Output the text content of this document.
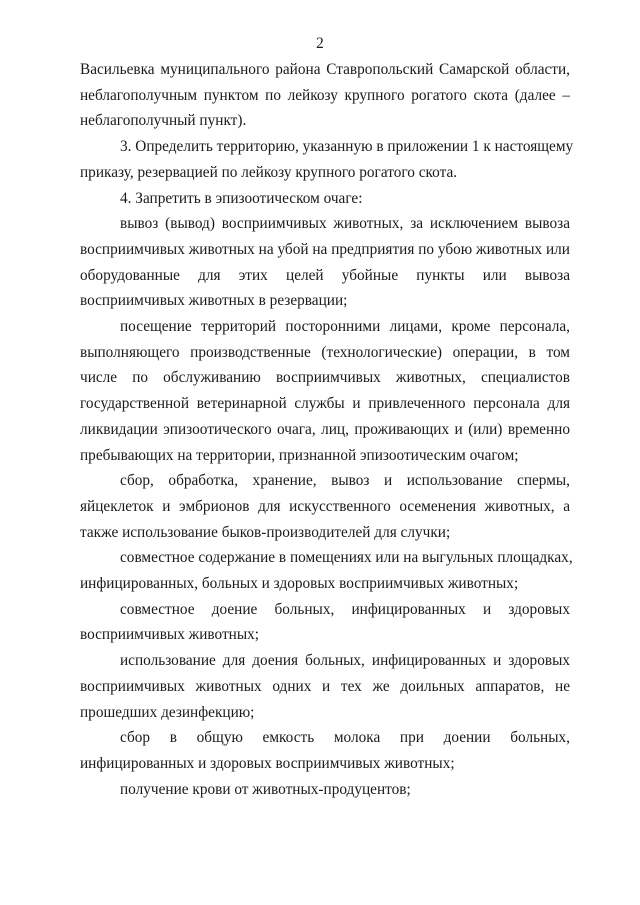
2
Васильевка муниципального района Ставропольский Самарской области,
неблагополучным пунктом по лейкозу крупного рогатого скота (далее –
неблагополучный пункт).
3. Определить территорию, указанную в приложении 1 к настоящему
приказу, резервацией по лейкозу крупного рогатого скота.
4. Запретить в эпизоотическом очаге:
вывоз (вывод) восприимчивых животных, за исключением вывоза
восприимчивых животных на убой на предприятия по убою животных или
оборудованные для этих целей убойные пункты или вывоза
восприимчивых животных в резервации;
посещение территорий посторонними лицами, кроме персонала,
выполняющего производственные (технологические) операции, в том
числе по обслуживанию восприимчивых животных, специалистов
государственной ветеринарной службы и привлеченного персонала для
ликвидации эпизоотического очага, лиц, проживающих и (или) временно
пребывающих на территории, признанной эпизоотическим очагом;
сбор, обработка, хранение, вывоз и использование спермы,
яйцеклеток и эмбрионов для искусственного осеменения животных, а
также использование быков-производителей для случки;
совместное содержание в помещениях или на выгульных площадках,
инфицированных, больных и здоровых восприимчивых животных;
совместное доение больных, инфицированных и здоровых
восприимчивых животных;
использование для доения больных, инфицированных и здоровых
восприимчивых животных одних и тех же доильных аппаратов, не
прошедших дезинфекцию;
сбор в общую емкость молока при доении больных,
инфицированных и здоровых восприимчивых животных;
получение крови от животных-продуцентов;
